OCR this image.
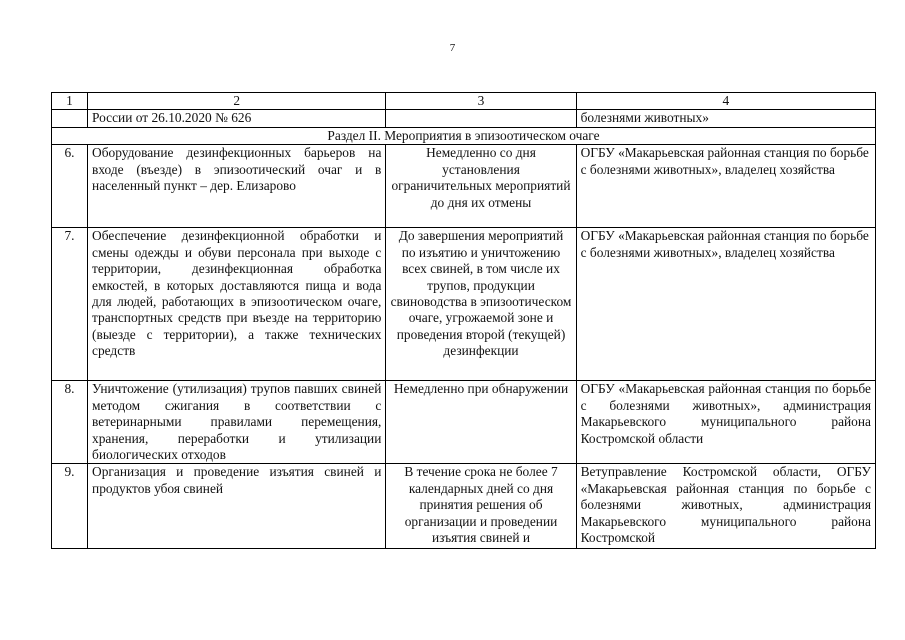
7
1	2	3	4
	России от 26.10.2020 № 626		болезнями животных»
Раздел II. Мероприятия в эпизоотическом очаге			
6.	Оборудование дезинфекционных барьеров на входе (въезде) в эпизоотический очаг и в населенный пункт – дер. Елизарово	Немедленно со дня установления ограничительных мероприятий до дня их отмены	ОГБУ «Макарьевская районная станция по борьбе с болезнями животных», владелец хозяйства
7.	Обеспечение дезинфекционной обработки и смены одежды и обуви персонала при выходе с территории, дезинфекционная обработка емкостей, в которых доставляются пища и вода для людей, работающих в эпизоотическом очаге, транспортных средств при въезде на территорию (выезде с территории), а также технических средств	До завершения мероприятий по изъятию и уничтожению всех свиней, в том числе их трупов, продукции свиноводства в эпизоотическом очаге, угрожаемой зоне и проведения второй (текущей) дезинфекции	ОГБУ «Макарьевская районная станция по борьбе с болезнями животных», владелец хозяйства
8.	Уничтожение (утилизация) трупов павших свиней методом сжигания в соответствии с ветеринарными правилами перемещения, хранения, переработки и утилизации биологических отходов	Немедленно при обнаружении	ОГБУ «Макарьевская районная станция по борьбе с болезнями животных», администрация Макарьевского муниципального района Костромской области
9.	Организация и проведение изъятия свиней и продуктов убоя свиней	В течение срока не более 7 календарных дней со дня принятия решения об организации и проведении изъятия свиней и	Ветуправление Костромской области, ОГБУ «Макарьевская районная станция по борьбе с болезнями животных, администрация Макарьевского муниципального района Костромской
